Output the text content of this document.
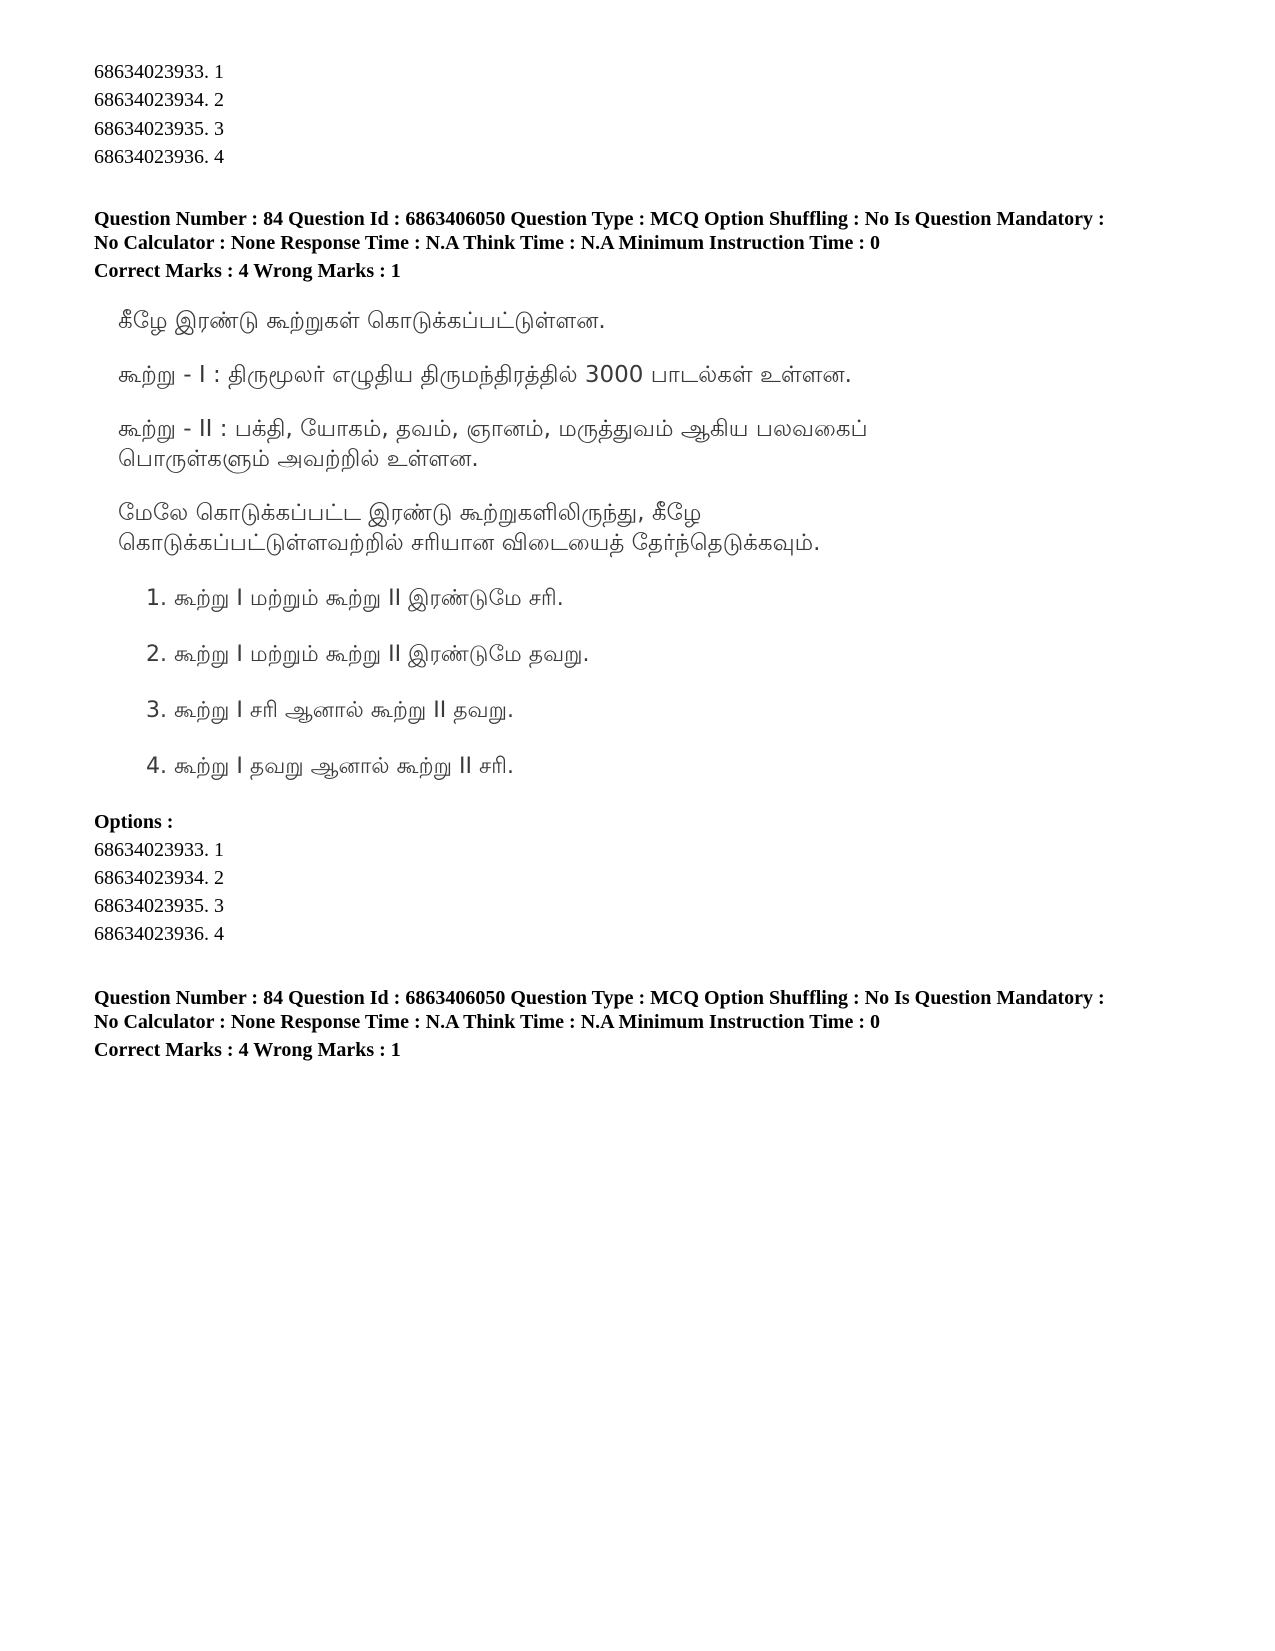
68634023933. 1
68634023934. 2
68634023935. 3
68634023936. 4
Question Number : 84 Question Id : 6863406050 Question Type : MCQ Option Shuffling : No Is Question Mandatory :
No Calculator : None Response Time : N.A Think Time : N.A Minimum Instruction Time : 0
Correct Marks : 4 Wrong Marks : 1
கீழே இரண்டு கூற்றுகள் கொடுக்கப்பட்டுள்ளன.
கூற்று - I : திருமூலர் எழுதிய திருமந்திரத்தில் 3000 பாடல்கள் உள்ளன.
கூற்று - II : பக்தி, யோகம், தவம், ஞானம், மருத்துவம் ஆகிய பலவகைப்
பொருள்களும் அவற்றில் உள்ளன.
மேலே கொடுக்கப்பட்ட இரண்டு கூற்றுகளிலிருந்து, கீழே
கொடுக்கப்பட்டுள்ளவற்றில் சரியான விடையைத் தேர்ந்தெடுக்கவும்.
1. கூற்று I மற்றும் கூற்று II இரண்டுமே சரி.
2. கூற்று I மற்றும் கூற்று II இரண்டுமே தவறு.
3. கூற்று I சரி ஆனால் கூற்று II தவறு.
4. கூற்று I தவறு ஆனால் கூற்று II சரி.
Options :
68634023933. 1
68634023934. 2
68634023935. 3
68634023936. 4
Question Number : 84 Question Id : 6863406050 Question Type : MCQ Option Shuffling : No Is Question Mandatory :
No Calculator : None Response Time : N.A Think Time : N.A Minimum Instruction Time : 0
Correct Marks : 4 Wrong Marks : 1
